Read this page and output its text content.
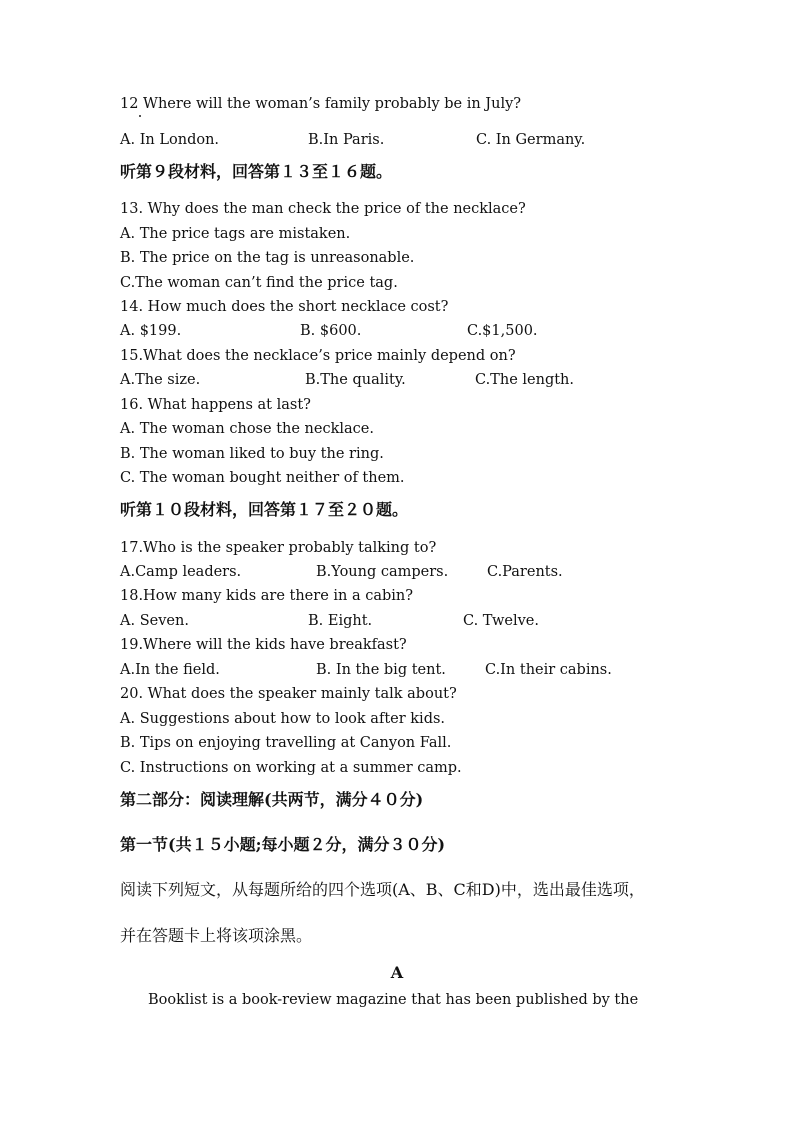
12 Where will the woman’s family probably be in July?
A. In London.	B.In Paris.	C. In Germany.
听第９段材料，回答第１３至１６题。
13. Why does the man check the price of the necklace?
A. The price tags are mistaken.
B. The price on the tag is unreasonable.
C.The woman can’t find the price tag.
14. How much does the short necklace cost?
A. $199.	B. $600.	C.$1,500.
15.What does the necklace’s price mainly depend on?
A.The size.	B.The quality.	C.The length.
16. What happens at last?
A. The woman chose the necklace.
B. The woman liked to buy the ring.
C. The woman bought neither of them.
听第１０段材料，回答第１７至２０题。
17.Who is the speaker probably talking to?
A.Camp leaders.	B.Young campers.	C.Parents.
18.How many kids are there in a cabin?
A. Seven.	B. Eight.	C. Twelve.
19.Where will the kids have breakfast?
A.In the field.	B. In the big tent.	C.In their cabins.
20. What does the speaker mainly talk about?
A. Suggestions about how to look after kids.
B. Tips on enjoying travelling at Canyon Fall.
C. Instructions on working at a summer camp.
第二部分：阅读理解(共两节，满分４０分)
第一节(共１５小题;每小题２分，满分３０分)
阅读下列短文，从每题所给的四个选项(A、B、C和D)中，选出最佳选项，
并在答题卡上将该项涂黑。
A
Booklist is a book-review magazine that has been published by the
